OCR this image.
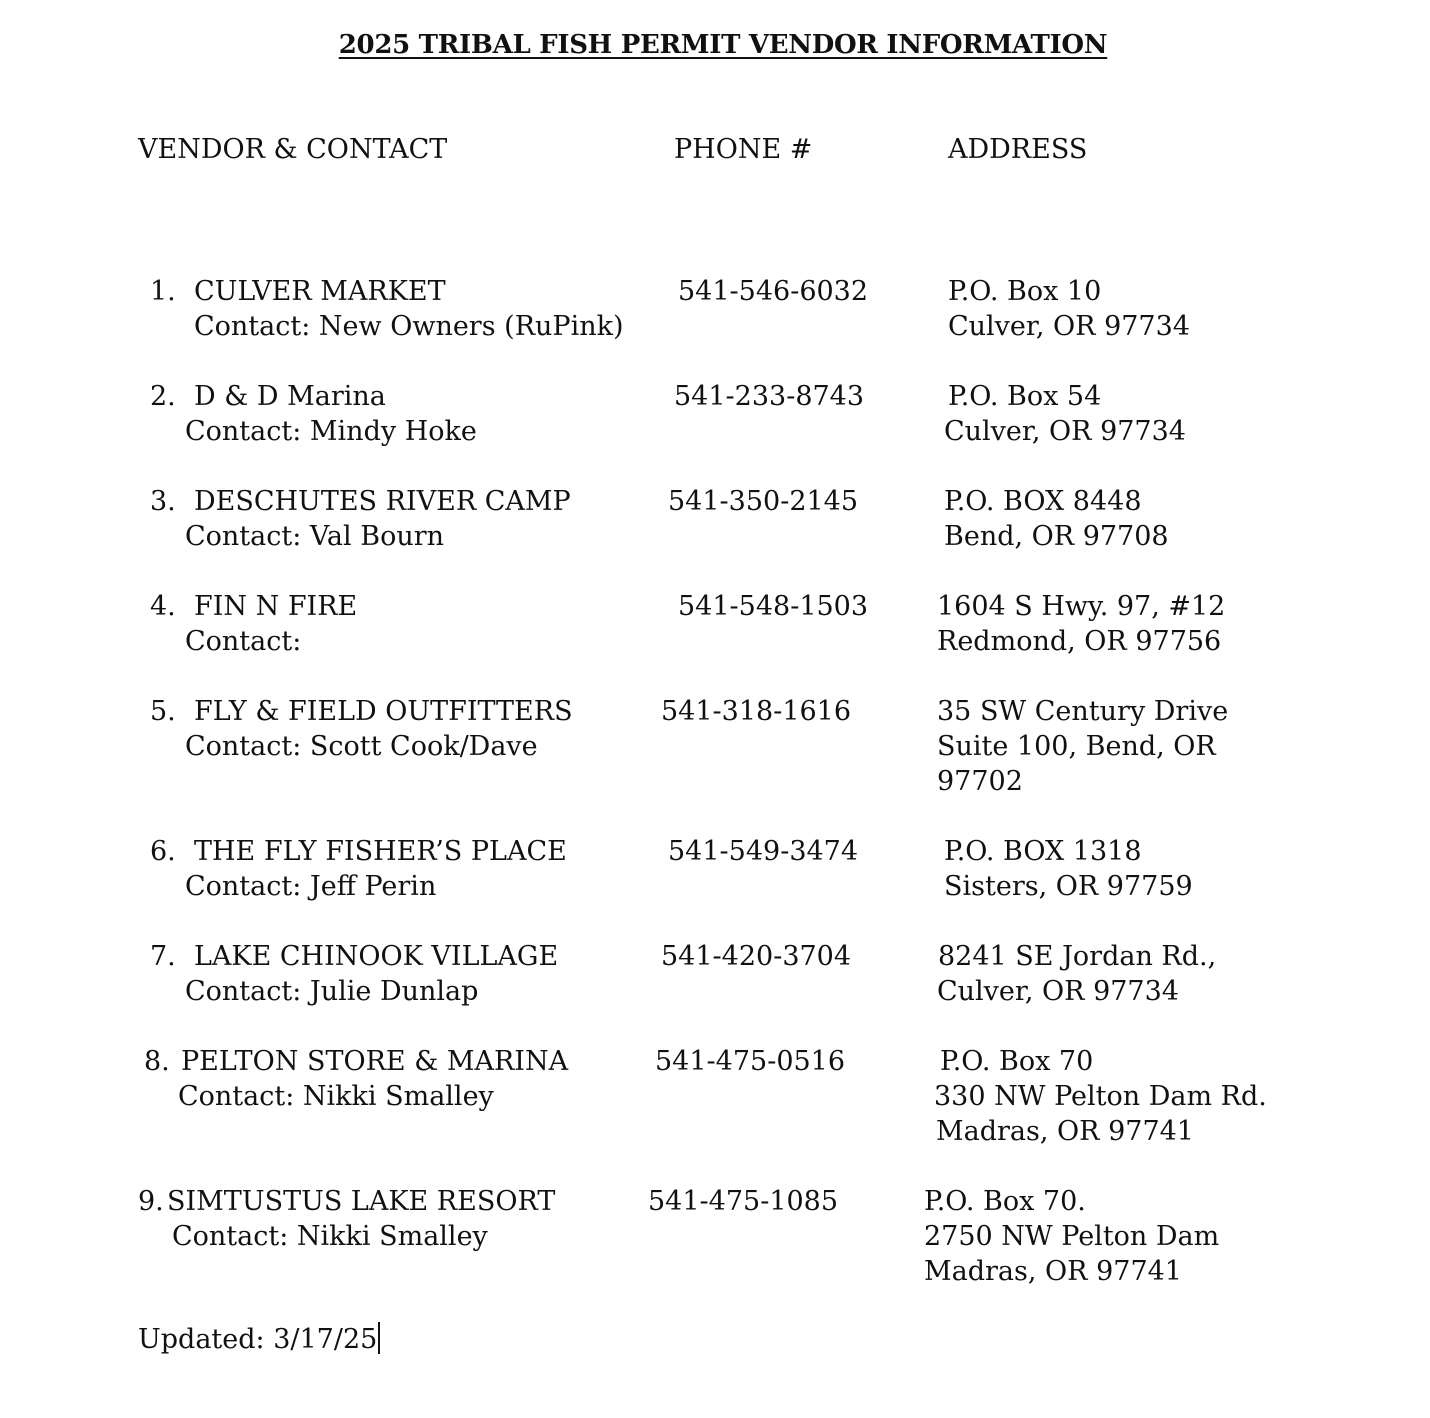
2025 TRIBAL FISH PERMIT VENDOR INFORMATION
VENDOR & CONTACT	PHONE #	ADDRESS
1. CULVER MARKET
Contact: New Owners (RuPink)
541-546-6032	P.O. Box 10
Culver, OR 97734
2. D & D Marina
Contact: Mindy Hoke
541-233-8743	P.O. Box 54
Culver, OR 97734
3. DESCHUTES RIVER CAMP
Contact: Val Bourn
541-350-2145	P.O. BOX 8448
Bend, OR 97708
4. FIN N FIRE
Contact:
541-548-1503	1604 S Hwy. 97, #12
Redmond, OR 97756
5. FLY & FIELD OUTFITTERS
Contact: Scott Cook/Dave
541-318-1616	35 SW Century Drive
Suite 100, Bend, OR
97702
6. THE FLY FISHER’S PLACE
Contact: Jeff Perin
541-549-3474	P.O. BOX 1318
Sisters, OR 97759
7. LAKE CHINOOK VILLAGE
Contact: Julie Dunlap
541-420-3704	8241 SE Jordan Rd.,
Culver, OR 97734
8. PELTON STORE & MARINA
Contact: Nikki Smalley
541-475-0516	P.O. Box 70
330 NW Pelton Dam Rd.
Madras, OR 97741
9. SIMTUSTUS LAKE RESORT
Contact: Nikki Smalley
541-475-1085	P.O. Box 70.
2750 NW Pelton Dam
Madras, OR 97741
Updated: 3/17/25
